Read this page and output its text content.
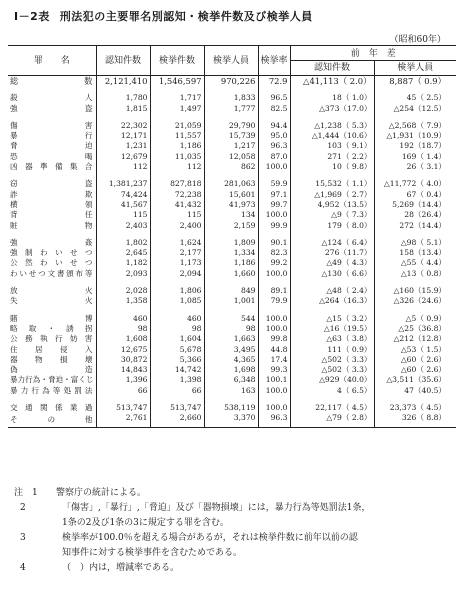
I－2表 刑法犯の主要罪名別認知・検挙件数及び検挙人員
（昭和60年）
罪　　名	認知件数	検挙件数	検挙人員	検挙率	前　年　差	
					認知件数	検挙人員
総　数	2,121,410	1,546,597	970,226	72.9	△41,113（ 2.0）	8,887（ 0.9）

殺人	1,780	1,717	1,833	96.5	18（ 1.0）	45（ 2.5）
強盗	1,815	1,497	1,777	82.5	△373（17.0）	△254（12.5）

傷害	22,302	21,059	29,790	94.4	△1,238（ 5.3）	△2,568（ 7.9）
暴行	12,171	11,557	15,739	95.0	△1,444（10.6）	△1,931（10.9）
脅迫	1,231	1,186	1,217	96.3	103（ 9.1）	192（18.7）
恐喝	12,679	11,035	12,058	87.0	271（ 2.2）	169（ 1.4）
凶器準備集合	112	112	862	100.0	10（ 9.8）	26（ 3.1）

窃盗	1,381,237	827,818	281,063	59.9	15,532（ 1.1）	△11,772（ 4.0）
詐欺	74,424	72,238	15,601	97.1	△1,969（ 2.7）	67（ 0.4）
横領	41,567	41,432	41,973	99.7	4,952（13.5）	5,269（14.4）
背任	115	115	134	100.0	△9（ 7.3）	28（26.4）
賍物	2,403	2,400	2,159	99.9	179（ 8.0）	272（14.4）

強姦	1,802	1,624	1,809	90.1	△124（ 6.4）	△98（ 5.1）
強制わいせつ	2,645	2,177	1,334	82.3	276（11.7）	158（13.4）
公然わいせつ	1,182	1,173	1,186	99.2	△49（ 4.3）	△55（ 4.4）
わいせつ文書頒布等	2,093	2,094	1,660	100.0	△130（ 6.6）	△13（ 0.8）

放火	2,028	1,806	849	89.1	△48（ 2.4）	△160（15.9）
失火	1,358	1,085	1,001	79.9	△264（16.3）	△326（24.6）

賭博	460	460	544	100.0	△15（ 3.2）	△5（ 0.9）
略取・誘拐	98	98	98	100.0	△16（19.5）	△25（36.8）
公務執行妨害	1,608	1,604	1,663	99.8	△63（ 3.8）	△212（12.8）
住居侵入	12,675	5,678	3,495	44.8	111（ 0.9）	△53（ 1.5）
器物損壊	30,872	5,366	4,365	17.4	△502（ 3.3）	△60（ 2.6）
偽造	14,843	14,742	1,698	99.3	△502（ 3.3）	△60（ 2.6）
暴力行為・脅迫・富くじ	1,396	1,398	6,348	100.1	△929（40.0）	△3,511（35.6）
暴力行為等処罰法	66	66	163	100.0	4（ 6.5）	47（40.5）

交通関係業過	513,747	513,747	538,119	100.0	22,117（ 4.5）	23,373（ 4.5）
その他	2,761	2,660	3,370	96.3	△79（ 2.8）	326（ 8.8）
注　1	警察庁の統計による。
2	「傷害」,「暴行」,「脅迫」及び「器物損壊」には，暴力行為等処罰法1条，
1条の2及び1条の3に規定する罪を含む。
3	検挙率が100.0％を超える場合があるが，それは検挙件数に前年以前の認
知事件に対する検挙事件を含むためである。
4	（　）内は，増減率である。
